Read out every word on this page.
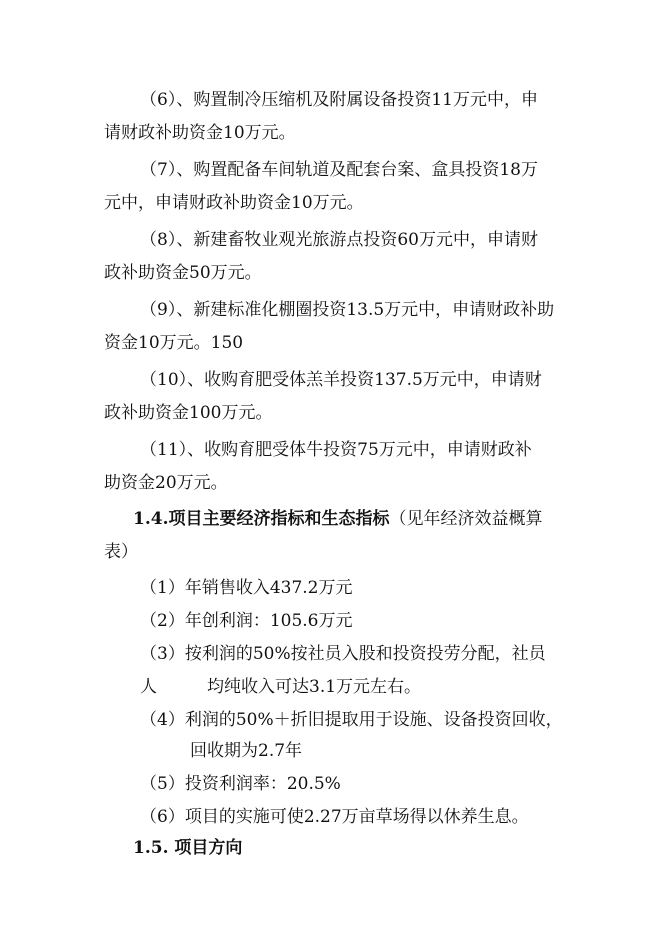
（6）、购置制冷压缩机及附属设备投资11万元中，申

请财政补助资金10万元。

（7）、购置配备车间轨道及配套台案、盒具投资18万

元中，申请财政补助资金10万元。

（8）、新建畜牧业观光旅游点投资60万元中，申请财

政补助资金50万元。

（9）、新建标准化棚圈投资13.5万元中，申请财政补助

资金10万元。150

（10）、收购育肥受体羔羊投资137.5万元中，申请财

政补助资金100万元。

（11）、收购育肥受体牛投资75万元中，申请财政补

助资金20万元。

1.4.项目主要经济指标和生态指标（见年经济效益概算

表）

（1）年销售收入437.2万元

（2）年创利润：105.6万元

（3）按利润的50%按社员入股和投资投劳分配，社员

人	均纯收入可达3.1万元左右。

（4）利润的50%＋折旧提取用于设施、设备投资回收，

回收期为2.7年

（5）投资利润率：20.5%

（6）项目的实施可使2.27万亩草场得以休养生息。

1.5. 项目方向
